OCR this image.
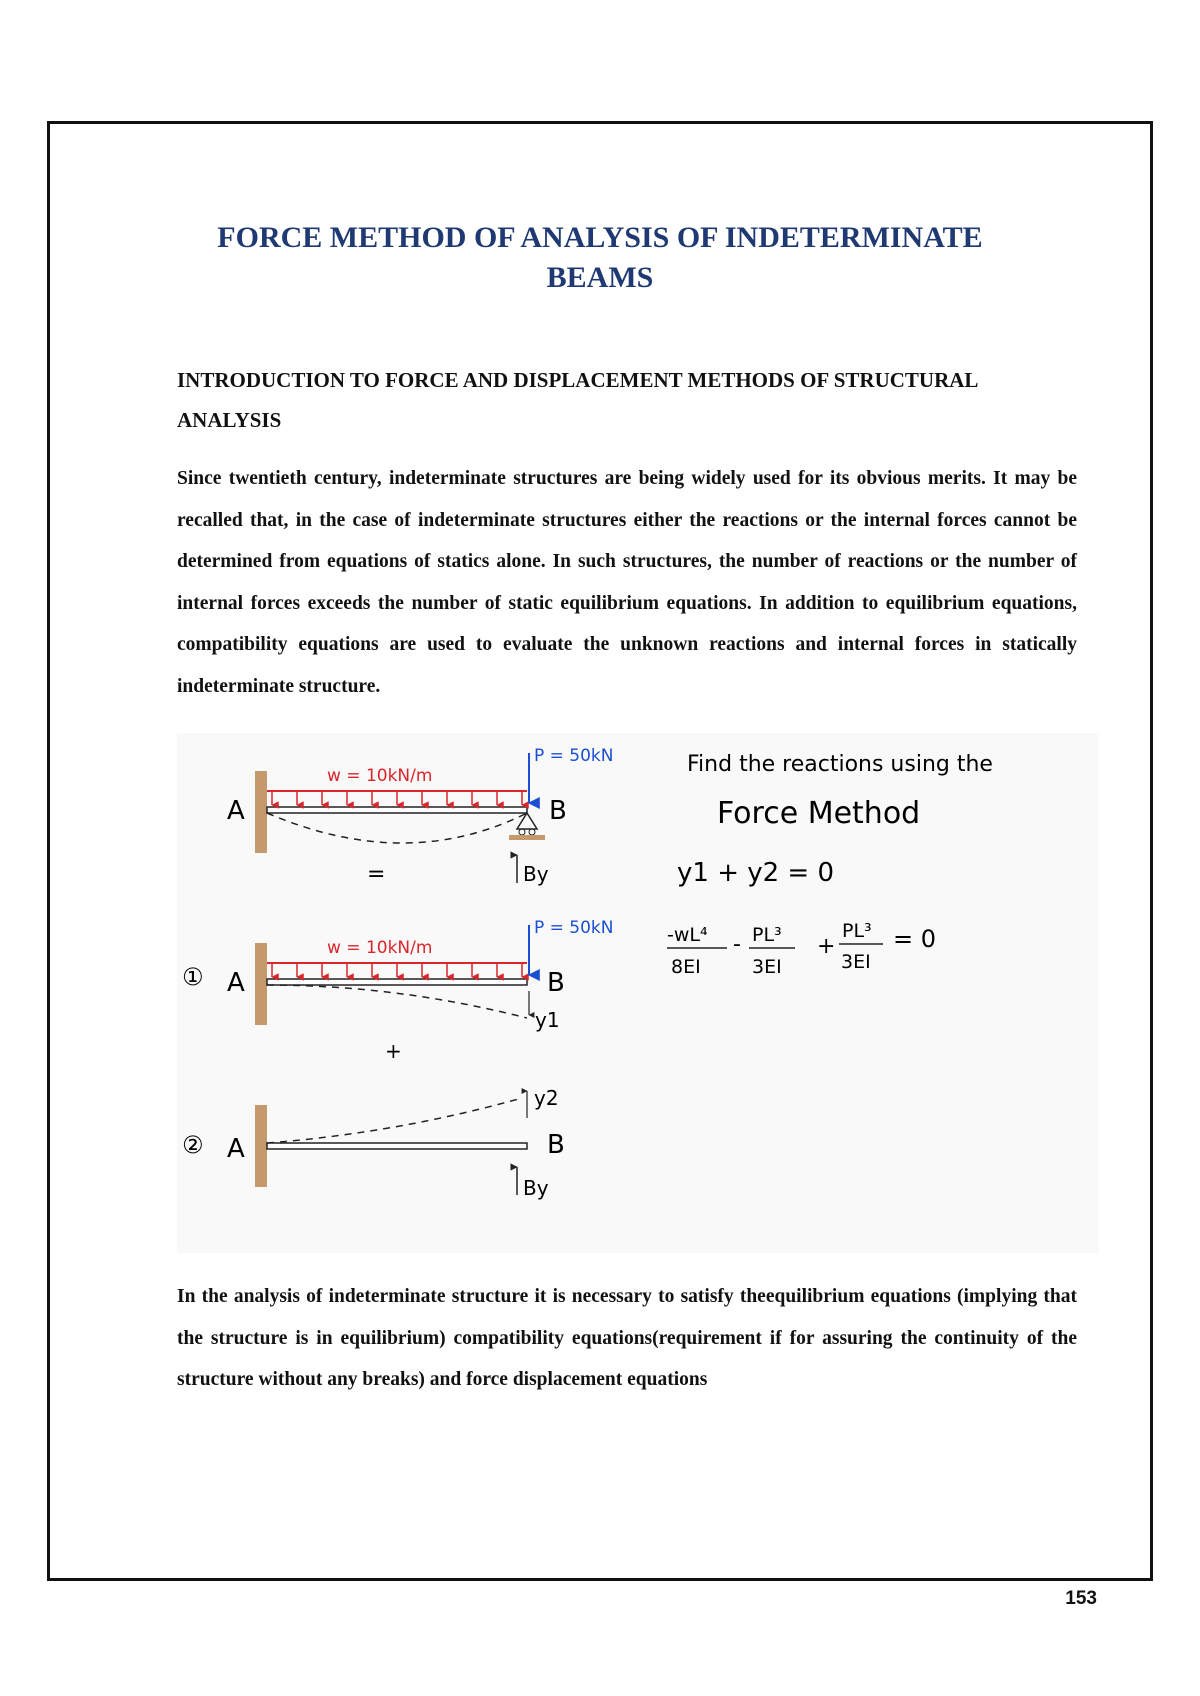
FORCE METHOD OF ANALYSIS OF INDETERMINATE
BEAMS
INTRODUCTION TO FORCE AND DISPLACEMENT METHODS OF STRUCTURAL
ANALYSIS
Since twentieth century, indeterminate structures are being widely used for its obvious merits. It may be recalled that, in the case of indeterminate structures either the reactions or the internal forces cannot be determined from equations of statics alone. In such structures, the number of reactions or the number of internal forces exceeds the number of static equilibrium equations. In addition to equilibrium equations, compatibility equations are used to evaluate the unknown reactions and internal forces in statically indeterminate structure.
A
w = 10kN/m
P = 50kN
B
By
=
① A
w = 10kN/m
P = 50kN
B
y1
+
② A
y2
B
By
Find the reactions using the
Force Method
y1 + y2 = 0
-wL⁴
8EI
- PL³
3EI
+
PL³
3EI
= 0
In the analysis of indeterminate structure it is necessary to satisfy theequilibrium equations (implying that the structure is in equilibrium) compatibility equations(requirement if for assuring the continuity of the structure without any breaks) and force displacement equations
153
